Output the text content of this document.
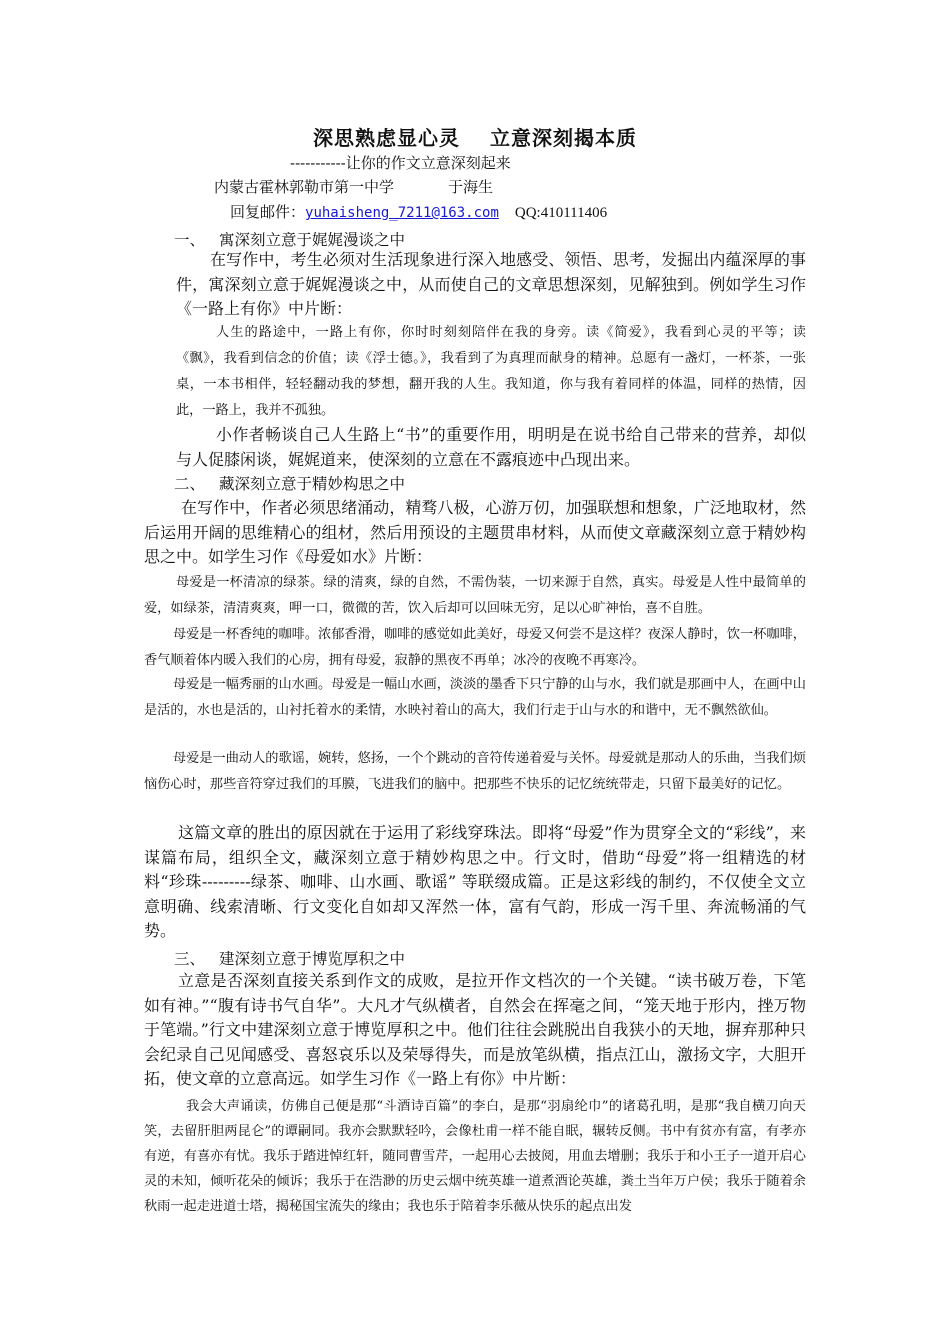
深思熟虑显心灵 立意深刻揭本质
-----------让你的作文立意深刻起来
内蒙古霍林郭勒市第一中学	于海生
回复邮件：yuhaisheng_7211@163.com QQ:410111406
一、 寓深刻立意于娓娓漫谈之中

在写作中，考生必须对生活现象进行深入地感受、领悟、思考，发掘出内蕴深厚的事件，寓深刻立意于娓娓漫谈之中，从而使自己的文章思想深刻，见解独到。例如学生习作《一路上有你》中片断：

人生的路途中，一路上有你，你时时刻刻陪伴在我的身旁。读《简爱》，我看到心灵的平等；读《飘》，我看到信念的价值；读《浮士德。》，我看到了为真理而献身的精神。总愿有一盏灯，一杯茶，一张桌，一本书相伴，轻轻翻动我的梦想，翻开我的人生。我知道，你与我有着同样的体温，同样的热情，因此，一路上，我并不孤独。

小作者畅谈自己人生路上“书”的重要作用，明明是在说书给自己带来的营养，却似与人促膝闲谈，娓娓道来，使深刻的立意在不露痕迹中凸现出来。

二、 藏深刻立意于精妙构思之中

在写作中，作者必须思绪涌动，精骛八极，心游万仞，加强联想和想象，广泛地取材，然后运用开阔的思维精心的组材，然后用预设的主题贯串材料，从而使文章藏深刻立意于精妙构思之中。如学生习作《母爱如水》片断：

母爱是一杯清凉的绿茶。绿的清爽，绿的自然，不需伪装，一切来源于自然，真实。母爱是人性中最简单的爱，如绿茶，清清爽爽，呷一口，微微的苦，饮入后却可以回味无穷，足以心旷神怡，喜不自胜。

母爱是一杯香纯的咖啡。浓郁香滑，咖啡的感觉如此美好，母爱又何尝不是这样？夜深人静时，饮一杯咖啡，香气顺着体内暖入我们的心房，拥有母爱，寂静的黑夜不再单；冰冷的夜晚不再寒冷。

母爱是一幅秀丽的山水画。母爱是一幅山水画，淡淡的墨香下只宁静的山与水，我们就是那画中人，在画中山是活的，水也是活的，山衬托着水的柔情，水映衬着山的高大，我们行走于山与水的和谐中，无不飘然欲仙。

母爱是一曲动人的歌谣，婉转，悠扬，一个个跳动的音符传递着爱与关怀。母爱就是那动人的乐曲，当我们烦恼伤心时，那些音符穿过我们的耳膜，飞进我们的脑中。把那些不快乐的记忆统统带走，只留下最美好的记忆。

这篇文章的胜出的原因就在于运用了彩线穿珠法。即将“母爱”作为贯穿全文的“彩线”，来谋篇布局，组织全文，藏深刻立意于精妙构思之中。行文时，借助“母爱”将一组精选的材料“珍珠---------绿茶、咖啡、山水画、歌谣” 等联缀成篇。正是这彩线的制约，不仅使全文立意明确、线索清晰、行文变化自如却又浑然一体，富有气韵，形成一泻千里、奔流畅涌的气势。

三、 建深刻立意于博览厚积之中

立意是否深刻直接关系到作文的成败，是拉开作文档次的一个关键。“读书破万卷，下笔如有神。”“腹有诗书气自华”。大凡才气纵横者，自然会在挥毫之间，“笼天地于形内，挫万物于笔端。”行文中建深刻立意于博览厚积之中。他们往往会跳脱出自我狭小的天地，摒弃那种只会纪录自己见闻感受、喜怒哀乐以及荣辱得失，而是放笔纵横，指点江山，激扬文字，大胆开拓，使文章的立意高远。如学生习作《一路上有你》中片断：

我会大声诵读，仿佛自己便是那“斗酒诗百篇”的李白，是那“羽扇纶巾”的诸葛孔明，是那“我自横刀向天笑，去留肝胆两昆仑”的谭嗣同。我亦会默默轻吟，会像杜甫一样不能自眠，辗转反侧。书中有贫亦有富，有孝亦有逆，有喜亦有忧。我乐于踏进悼红轩，随同曹雪芹，一起用心去披阅，用血去增删；我乐于和小王子一道开启心灵的未知，倾听花朵的倾诉；我乐于在浩渺的历史云烟中统英雄一道煮酒论英雄，粪土当年万户侯；我乐于随着余秋雨一起走进道士塔，揭秘国宝流失的缘由；我也乐于陪着李乐薇从快乐的起点出发
